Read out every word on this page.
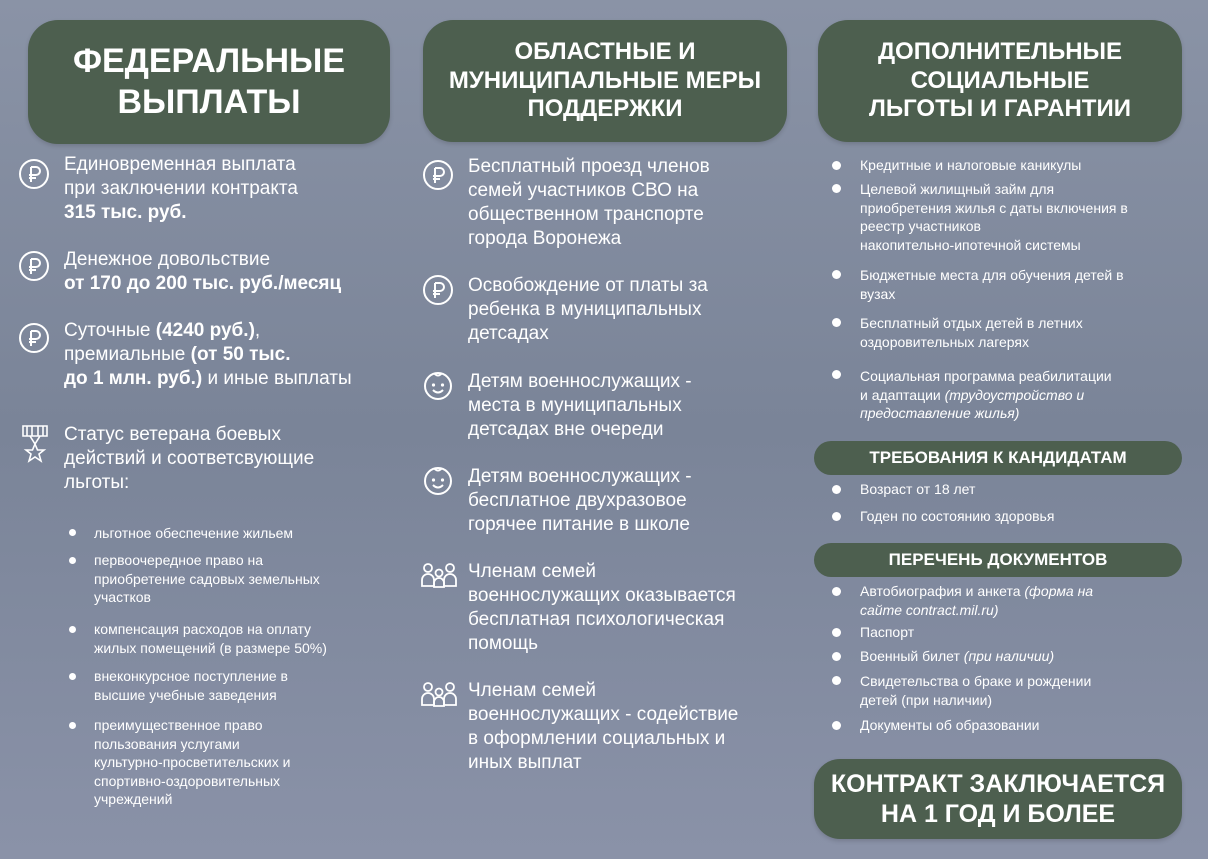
ФЕДЕРАЛЬНЫЕ ВЫПЛАТЫ
Единовременная выплата
при заключении контракта
315 тыс. руб.
Денежное довольствие
от 170 до 200 тыс. руб./месяц
Суточные (4240 руб.),
премиальные (от 50 тыс.
до 1 млн. руб.) и иные выплаты
Статус ветерана боевых
действий и соответсвующие
льготы:
льготное обеспечение жильем
первоочередное право на
приобретение садовых земельных
участков
компенсация расходов на оплату
жилых помещений (в размере 50%)
внеконкурсное поступление в
высшие учебные заведения
преимущественное право
пользования услугами
культурно-просветительских и
спортивно-оздоровительных
учреждений
ОБЛАСТНЫЕ И
МУНИЦИПАЛЬНЫЕ МЕРЫ
ПОДДЕРЖКИ
Бесплатный проезд членов
семей участников СВО на
общественном транспорте
города Воронежа
Освобождение от платы за
ребенка в муниципальных
детсадах
Детям военнослужащих -
места в муниципальных
детсадах вне очереди
Детям военнослужащих -
бесплатное двухразовое
горячее питание в школе
Членам семей
военнослужащих оказывается
бесплатная психологическая
помощь
Членам семей
военнослужащих - содействие
в оформлении социальных и
иных выплат
ДОПОЛНИТЕЛЬНЫЕ
СОЦИАЛЬНЫЕ
ЛЬГОТЫ И ГАРАНТИИ
Кредитные и налоговые каникулы
Целевой жилищный займ для
приобретения жилья с даты включения в
реестр участников
накопительно-ипотечной системы
Бюджетные места для обучения детей в
вузах
Бесплатный отдых детей в летних
оздоровительных лагерях
Социальная программа реабилитации
и адаптации (трудоустройство и
предоставление жилья)
ТРЕБОВАНИЯ К КАНДИДАТАМ
Возраст от 18 лет
Годен по состоянию здоровья
ПЕРЕЧЕНЬ ДОКУМЕНТОВ
Автобиография и анкета (форма на
сайте contract.mil.ru)
Паспорт
Военный билет (при наличии)
Свидетельства о браке и рождении
детей (при наличии)
Документы об образовании
КОНТРАКТ ЗАКЛЮЧАЕТСЯ
НА 1 ГОД И БОЛЕЕ
